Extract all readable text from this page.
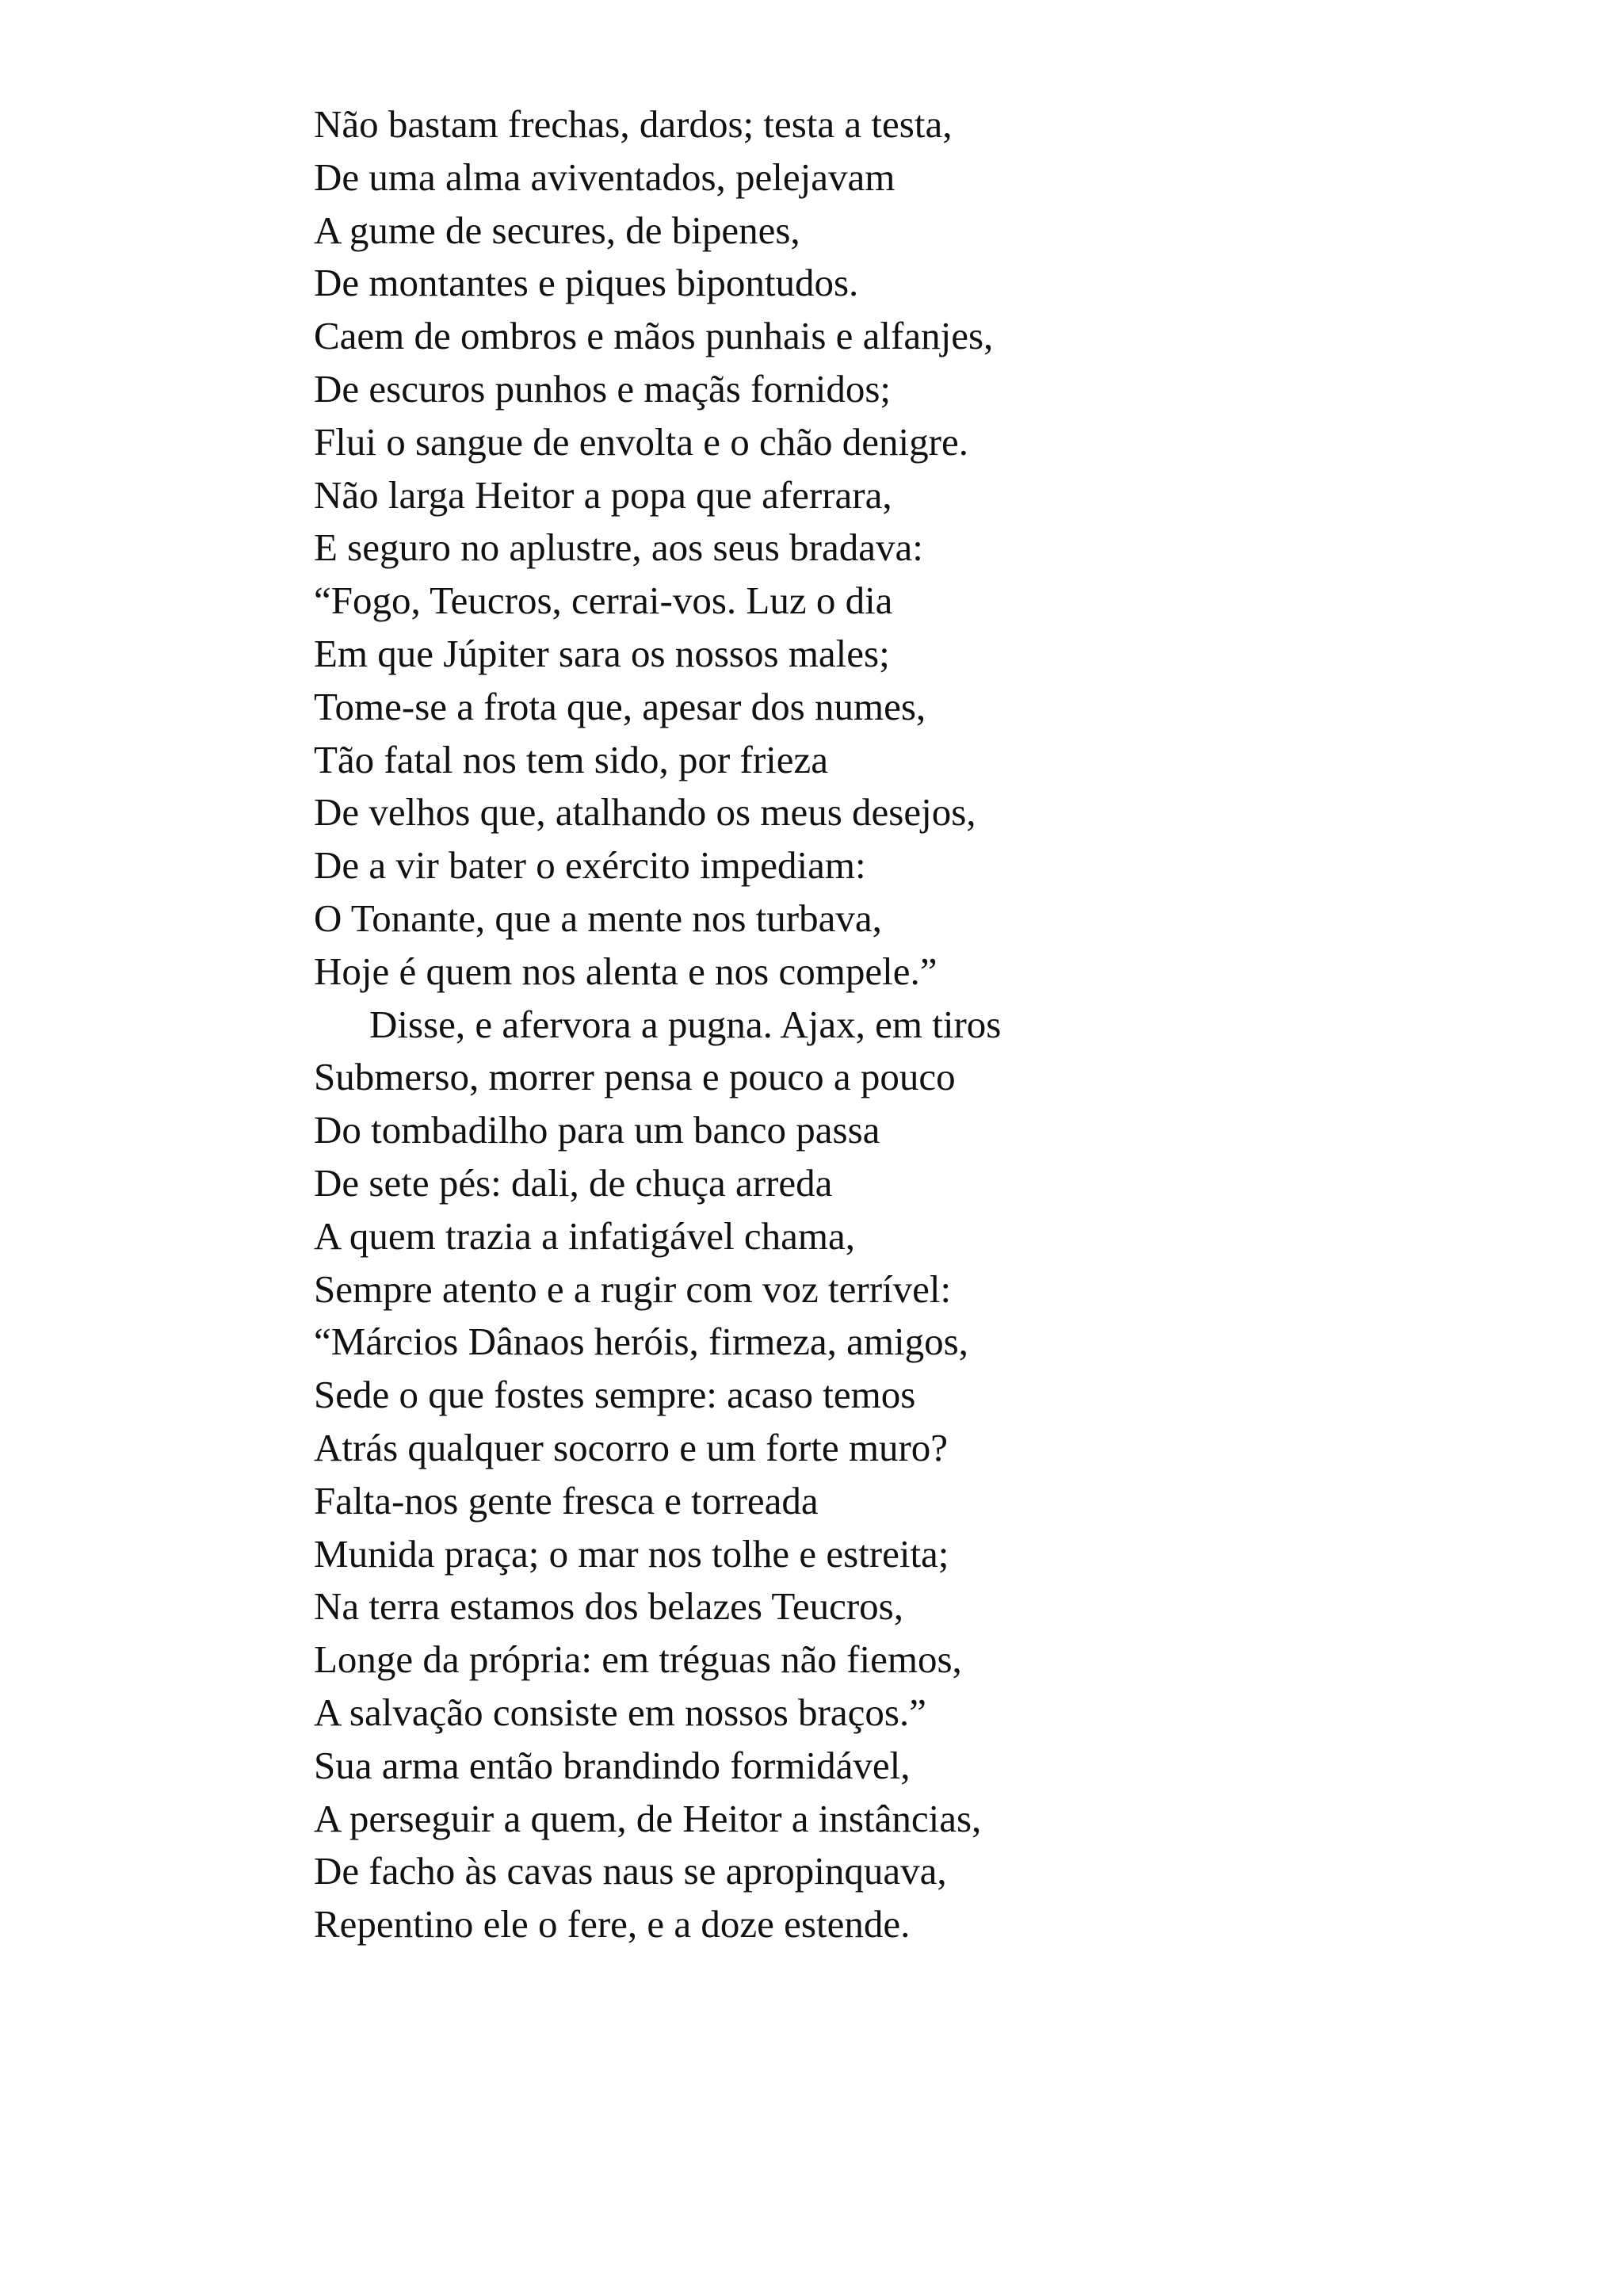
Não bastam frechas, dardos; testa a testa,
De uma alma aviventados, pelejavam
A gume de secures, de bipenes,
De montantes e piques bipontudos.
Caem de ombros e mãos punhais e alfanjes,
De escuros punhos e maçãs fornidos;
Flui o sangue de envolta e o chão denigre.
Não larga Heitor a popa que aferrara,
E seguro no aplustre, aos seus bradava:
“Fogo, Teucros, cerrai-vos. Luz o dia
Em que Júpiter sara os nossos males;
Tome-se a frota que, apesar dos numes,
Tão fatal nos tem sido, por frieza
De velhos que, atalhando os meus desejos,
De a vir bater o exército impediam:
O Tonante, que a mente nos turbava,
Hoje é quem nos alenta e nos compele.”
Disse, e afervora a pugna. Ajax, em tiros
Submerso, morrer pensa e pouco a pouco
Do tombadilho para um banco passa
De sete pés: dali, de chuça arreda
A quem trazia a infatigável chama,
Sempre atento e a rugir com voz terrível:
“Márcios Dânaos heróis, firmeza, amigos,
Sede o que fostes sempre: acaso temos
Atrás qualquer socorro e um forte muro?
Falta-nos gente fresca e torreada
Munida praça; o mar nos tolhe e estreita;
Na terra estamos dos belazes Teucros,
Longe da própria: em tréguas não fiemos,
A salvação consiste em nossos braços.”
Sua arma então brandindo formidável,
A perseguir a quem, de Heitor a instâncias,
De facho às cavas naus se apropinquava,
Repentino ele o fere, e a doze estende.
